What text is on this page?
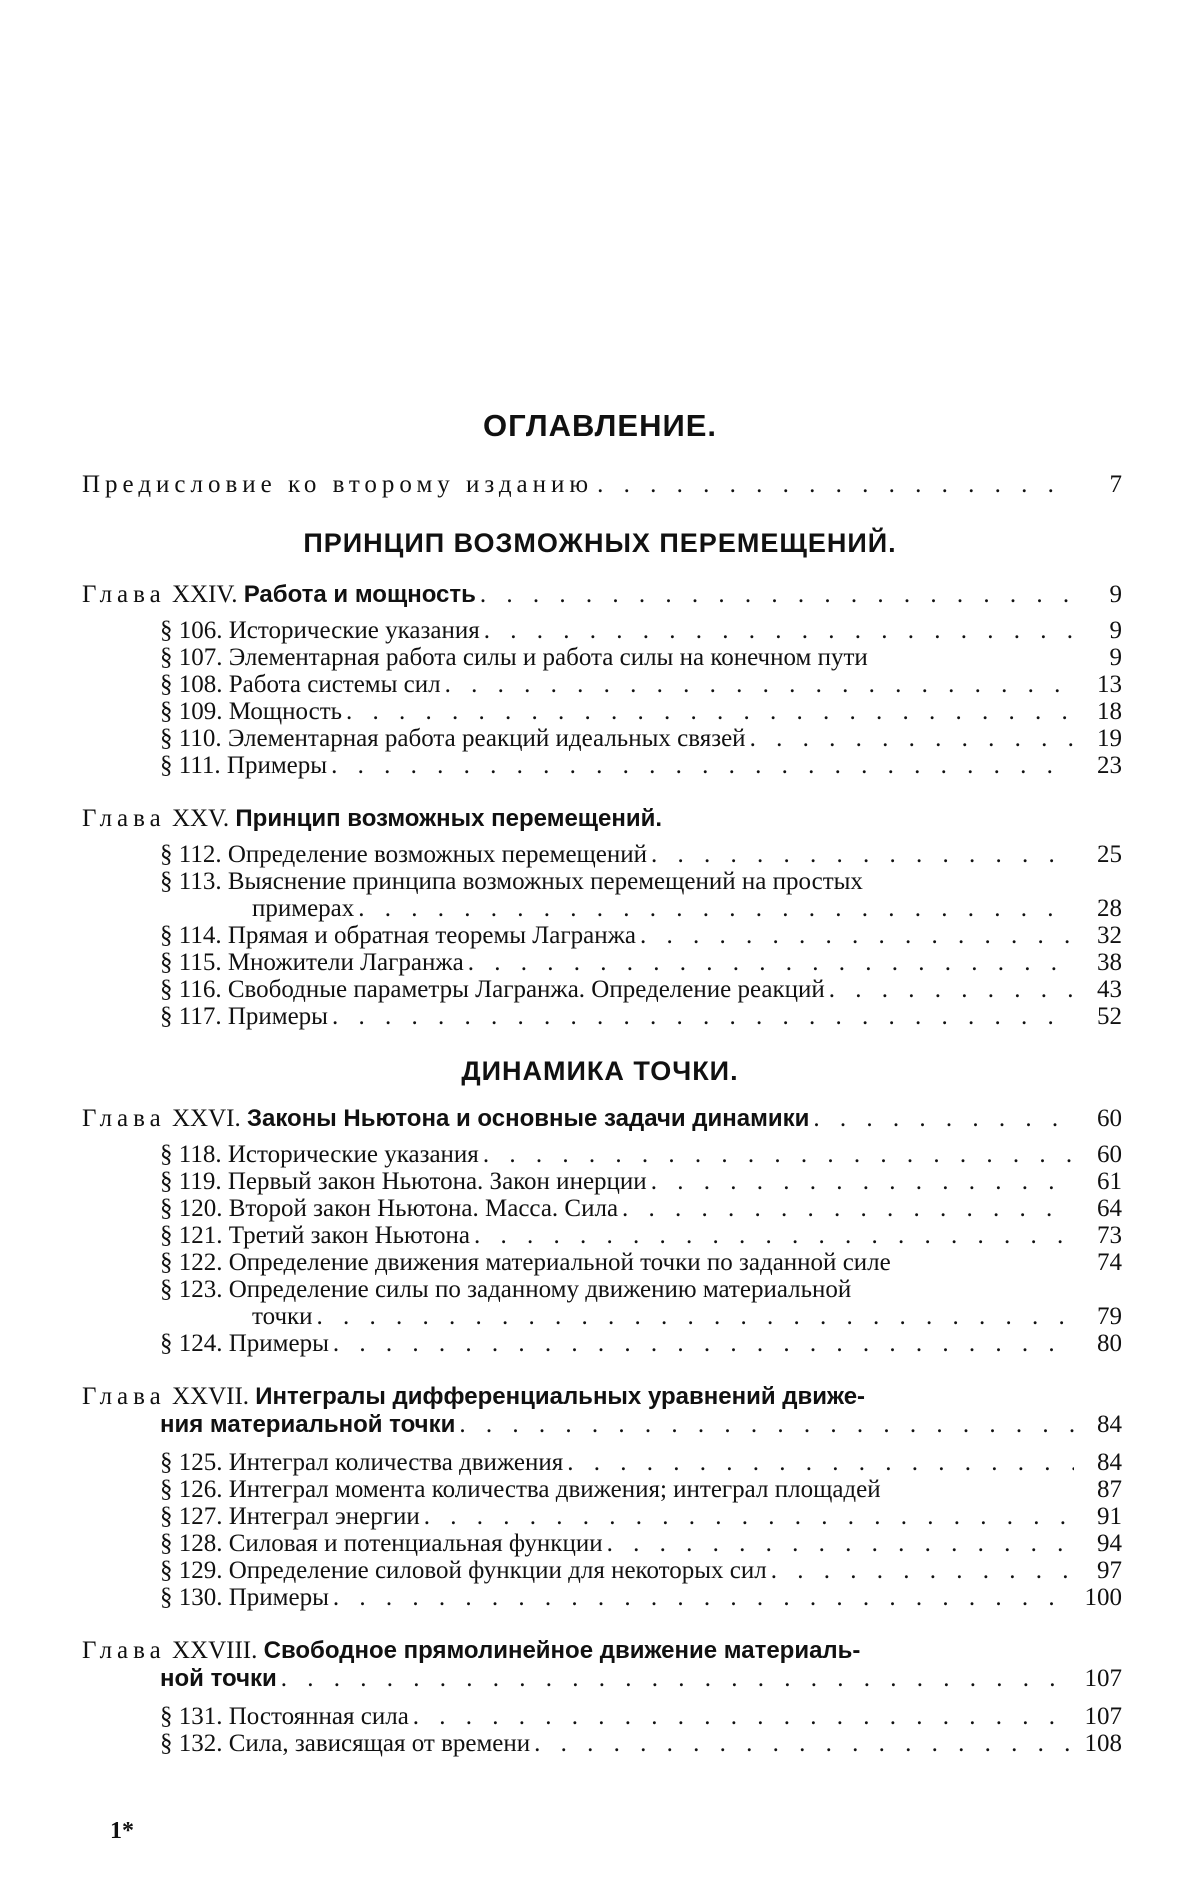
ОГЛАВЛЕНИЕ.
Предисловие ко второму изданию . . .	7
ПРИНЦИП ВОЗМОЖНЫХ ПЕРЕМЕЩЕНИЙ.
Глава XXIV. Работа и мощность . . .	9
§ 106. Исторические указания . . .	9
§ 107. Элементарная работа силы и работа силы на конечном пути	9
§ 108. Работа системы сил . . .	13
§ 109. Мощность . . .	18
§ 110. Элементарная работа реакций идеальных связей . . .	19
§ 111. Примеры . . .	23
Глава XXV. Принцип возможных перемещений.
§ 112. Определение возможных перемещений . . .	25
§ 113. Выяснение принципа возможных перемещений на простых
примерах . . .	28
§ 114. Прямая и обратная теоремы Лагранжа . . .	32
§ 115. Множители Лагранжа . . .	38
§ 116. Свободные параметры Лагранжа. Определение реакций . . .	43
§ 117. Примеры . . .	52
ДИНАМИКА ТОЧКИ.
Глава XXVI. Законы Ньютона и основные задачи динамики . . .	60
§ 118. Исторические указания . . .	60
§ 119. Первый закон Ньютона. Закон инерции . . .	61
§ 120. Второй закон Ньютона. Масса. Сила . . .	64
§ 121. Третий закон Ньютона . . .	73
§ 122. Определение движения материальной точки по заданной силе	74
§ 123. Определение силы по заданному движению материальной
точки . . .	79
§ 124. Примеры . . .	80
Глава XXVII. Интегралы дифференциальных уравнений движе-
ния материальной точки . . .	84
§ 125. Интеграл количества движения . . .	84
§ 126. Интеграл момента количества движения; интеграл площадей	87
§ 127. Интеграл энергии . . .	91
§ 128. Силовая и потенциальная функции . . .	94
§ 129. Определение силовой функции для некоторых сил . . .	97
§ 130. Примеры . . .	100
Глава XXVIII. Свободное прямолинейное движение материаль-
ной точки . . .	107
§ 131. Постоянная сила . . .	107
§ 132. Сила, зависящая от времени . . .	108
1*
